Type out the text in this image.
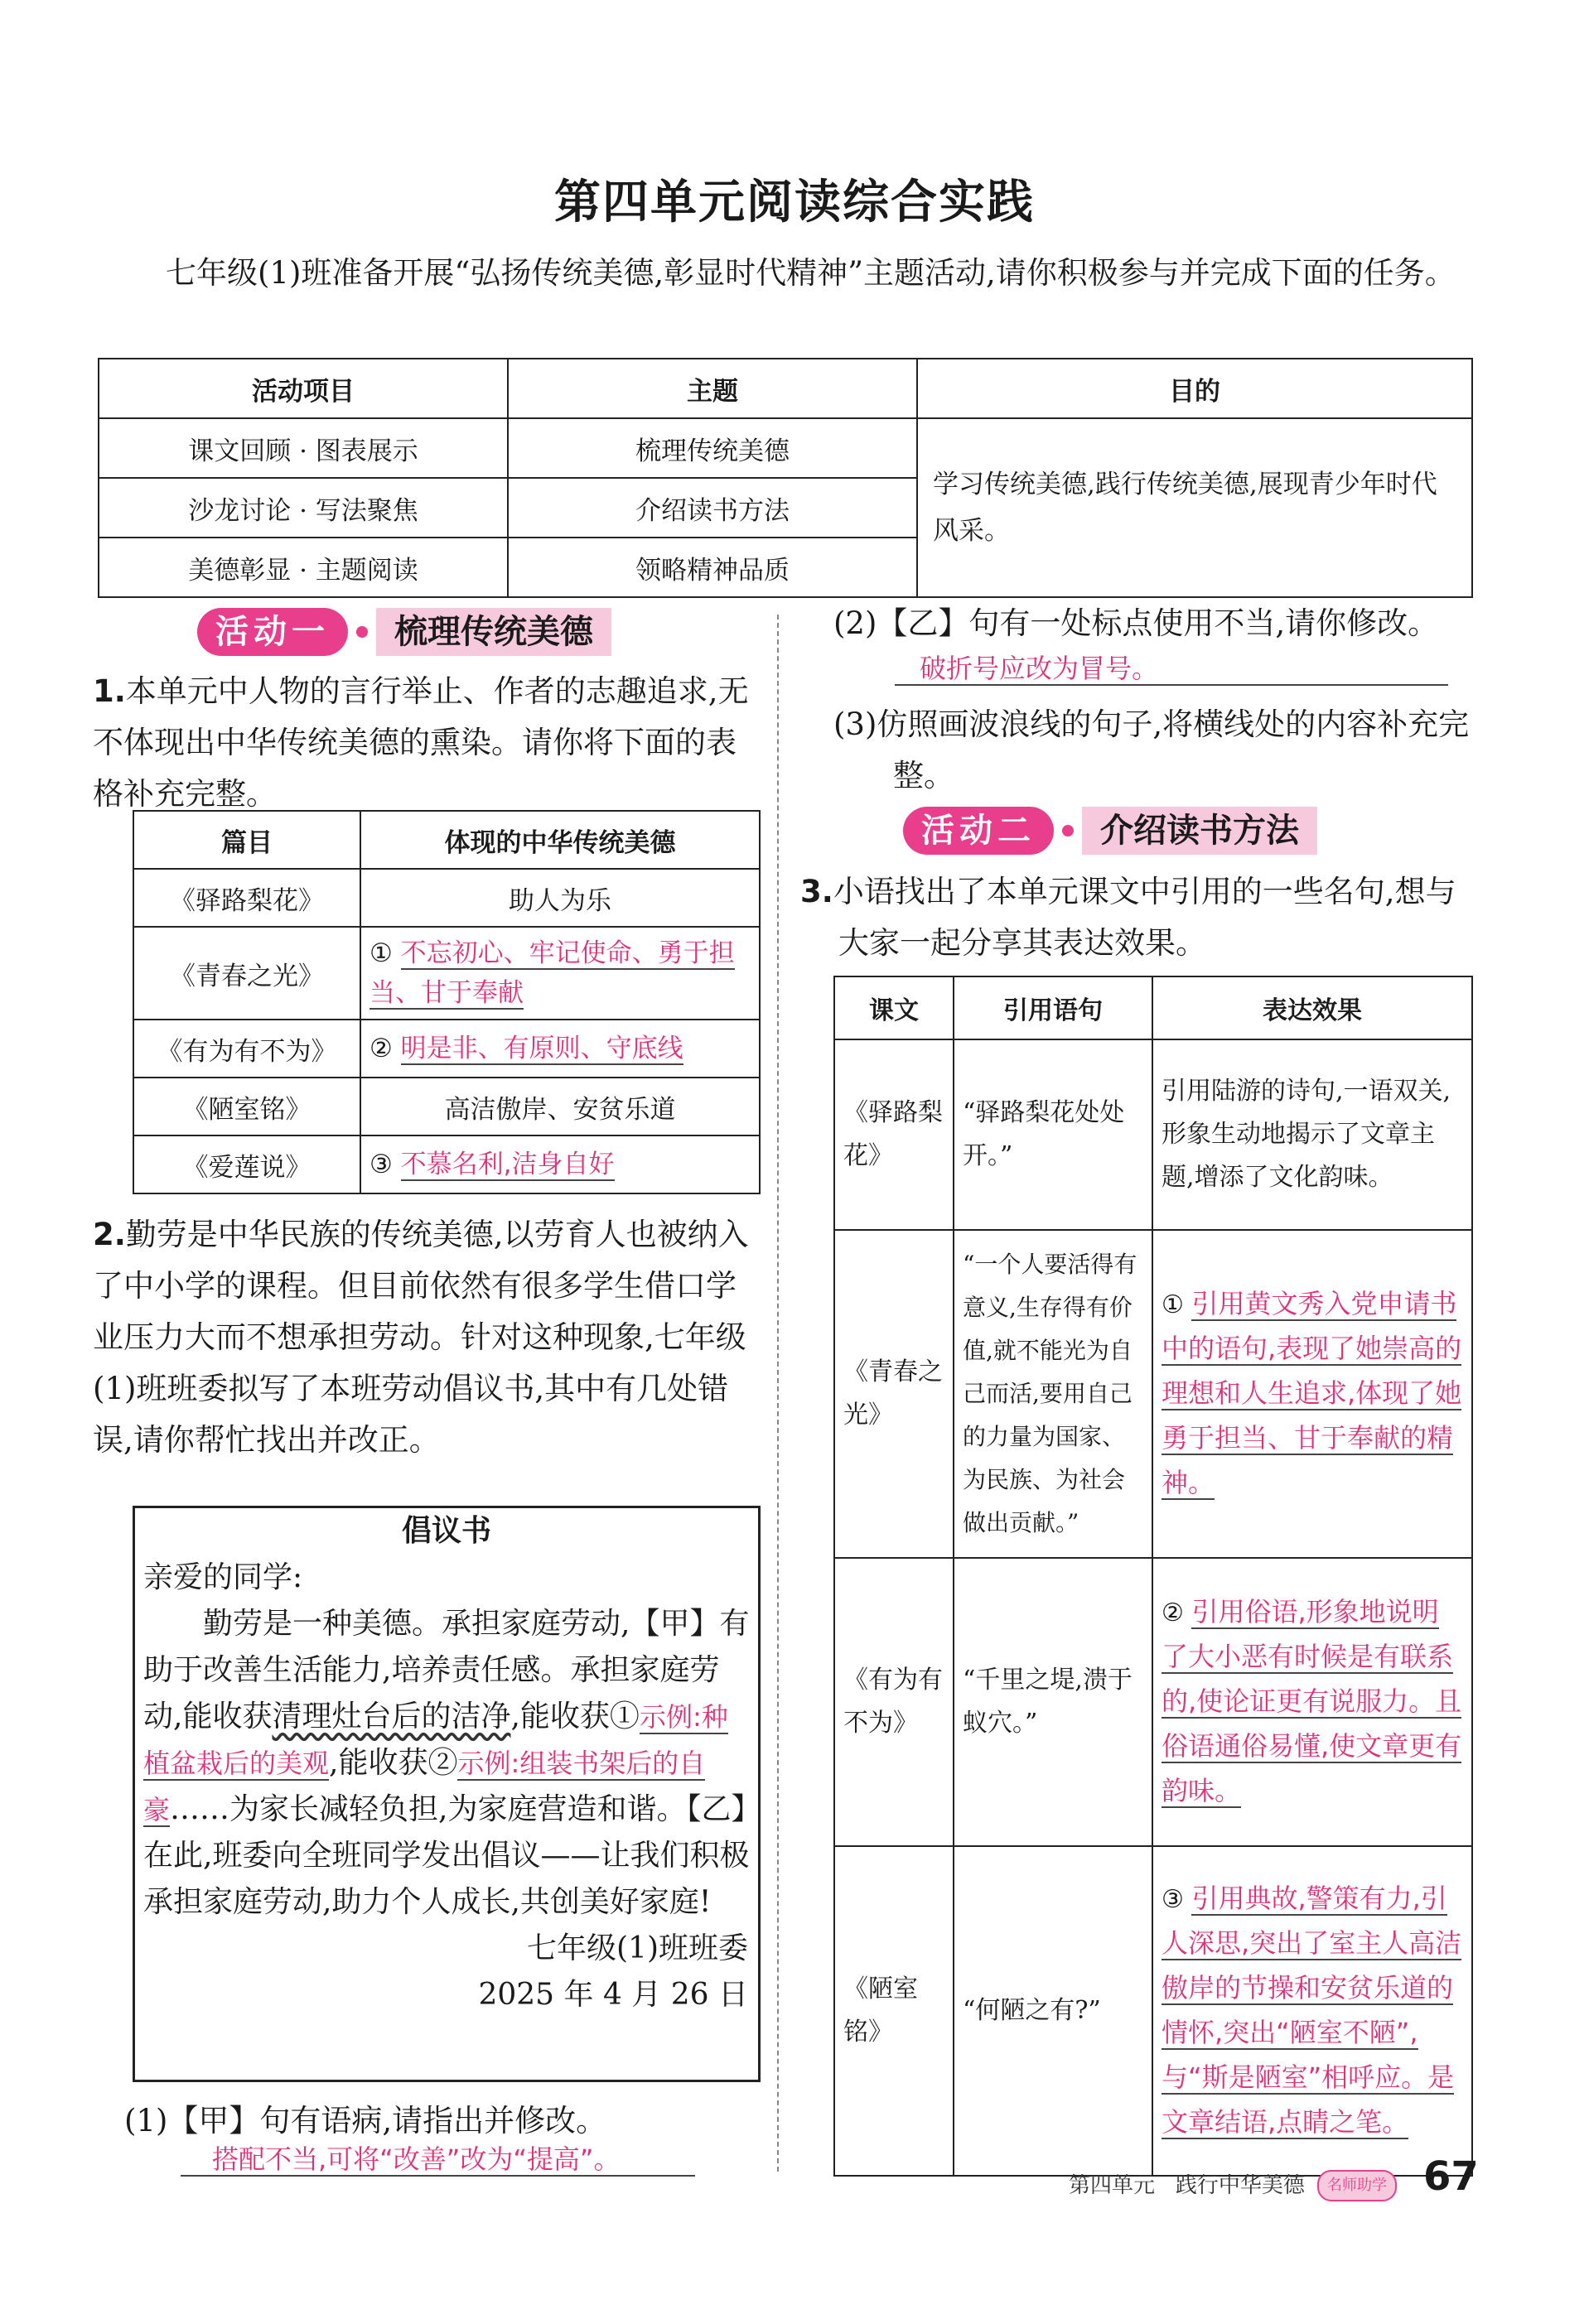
第四单元阅读综合实践
七年级(1)班准备开展“弘扬传统美德,彰显时代精神”主题活动,请你积极参与并完成下面的任务。
活动项目	主题	目的
课文回顾 · 图表展示	梳理传统美德	学习传统美德,践行传统美德,展现青少年时代风采。
沙龙讨论 · 写法聚焦	介绍读书方法	
美德彰显 · 主题阅读	领略精神品质	
活动一	梳理传统美德
1.本单元中人物的言行举止、作者的志趣追求,无不体现出中华传统美德的熏染。请你将下面的表格补充完整。
篇目	体现的中华传统美德
《驿路梨花》	助人为乐
《青春之光》	① 不忘初心、牢记使命、勇于担当、甘于奉献
《有为有不为》	② 明是非、有原则、守底线
《陋室铭》	高洁傲岸、安贫乐道
《爱莲说》	③ 不慕名利,洁身自好
2.勤劳是中华民族的传统美德,以劳育人也被纳入了中小学的课程。但目前依然有很多学生借口学业压力大而不想承担劳动。针对这种现象,七年级(1)班班委拟写了本班劳动倡议书,其中有几处错误,请你帮忙找出并改正。
倡议书
亲爱的同学:
勤劳是一种美德。承担家庭劳动,【甲】有助于改善生活能力,培养责任感。承担家庭劳动,能收获清理灶台后的洁净,能收获①示例:种植盆栽后的美观,能收获②示例:组装书架后的自豪……为家长减轻负担,为家庭营造和谐。【乙】在此,班委向全班同学发出倡议——让我们积极承担家庭劳动,助力个人成长,共创美好家庭!
七年级(1)班班委
2025 年 4 月 26 日
(1)【甲】句有语病,请指出并修改。
搭配不当,可将“改善”改为“提高”。
(2)【乙】句有一处标点使用不当,请你修改。
破折号应改为冒号。
(3)仿照画波浪线的句子,将横线处的内容补充完整。
活动二	介绍读书方法
3.小语找出了本单元课文中引用的一些名句,想与大家一起分享其表达效果。
课文	引用语句	表达效果
《驿路梨花》	“驿路梨花处处开。”	引用陆游的诗句,一语双关,形象生动地揭示了文章主题,增添了文化韵味。
《青春之光》	“一个人要活得有意义,生存得有价值,就不能光为自己而活,要用自己的力量为国家、为民族、为社会做出贡献。”	① 引用黄文秀入党申请书中的语句,表现了她崇高的理想和人生追求,体现了她勇于担当、甘于奉献的精神。
《有为有不为》	“千里之堤,溃于蚁穴。”	② 引用俗语,形象地说明了大小恶有时候是有联系的,使论证更有说服力。且俗语通俗易懂,使文章更有韵味。
《陋室铭》	“何陋之有?”	③ 引用典故,警策有力,引人深思,突出了室主人高洁傲岸的节操和安贫乐道的情怀,突出“陋室不陋”,与“斯是陋室”相呼应。是文章结语,点睛之笔。
第四单元 践行中华美德	名师助学 67
